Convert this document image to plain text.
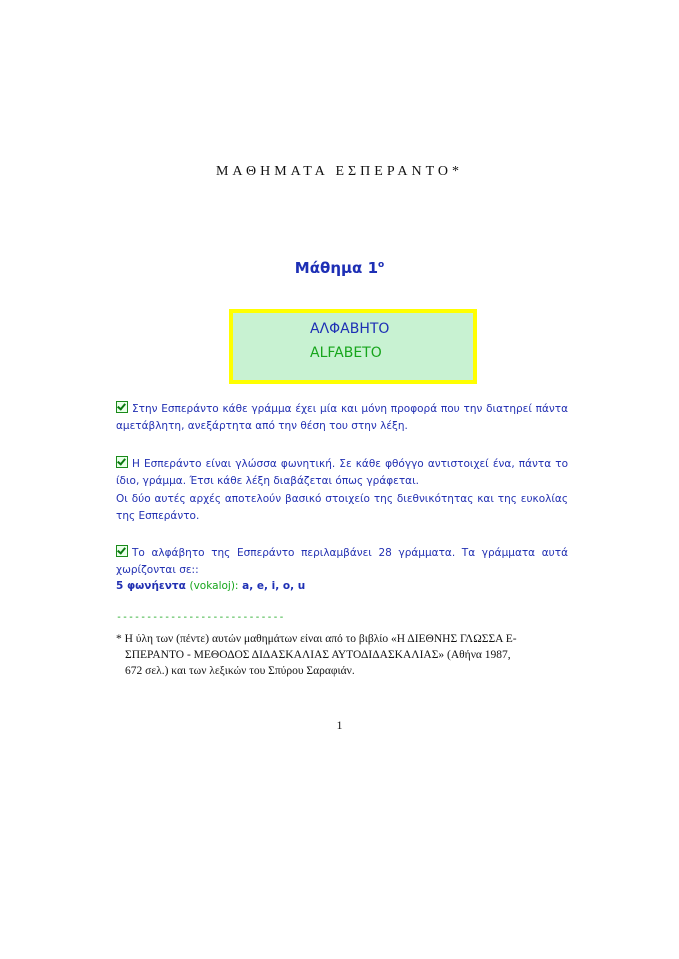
ΜΑΘΗΜΑΤΑ ΕΣΠΕΡΑΝΤΟ*
Μάθημα $1^o$
ΑΛΦΑΒΗΤΟ
ALFABETO
Στην Εσπεράντο κάθε γράμμα έχει μία και μόνη προφορά που την διατηρεί πάντα αμετάβλητη, ανεξάρτητα από την θέση του στην λέξη.
Η Εσπεράντο είναι γλώσσα φωνητική. Σε κάθε φθόγγο αντιστοιχεί ένα, πάντα το ίδιο, γράμμα. Έτσι κάθε λέξη διαβάζεται όπως γράφεται.
Οι δύο αυτές αρχές αποτελούν βασικό στοιχείο της διεθνικότητας και της ευκολίας της Εσπεράντο.
Το αλφάβητο της Εσπεράντο περιλαμβάνει 28 γράμματα. Τα γράμματα αυτά χωρίζονται σε::
5 φωνήεντα (vokaloj): a, e, i, o, u
----------------------------
* Η ύλη των (πέντε) αυτών μαθημάτων είναι από το βιβλίο «Η ΔΙΕΘΝΗΣ ΓΛΩΣΣΑ Ε-
ΣΠΕΡΑΝΤΟ - ΜΕΘΟΔΟΣ ΔΙΔΑΣΚΑΛΙΑΣ ΑΥΤΟΔΙΔΑΣΚΑΛΙΑΣ» (Αθήνα 1987,
672 σελ.) και των λεξικών του Σπύρου Σαραφιάν.
1
